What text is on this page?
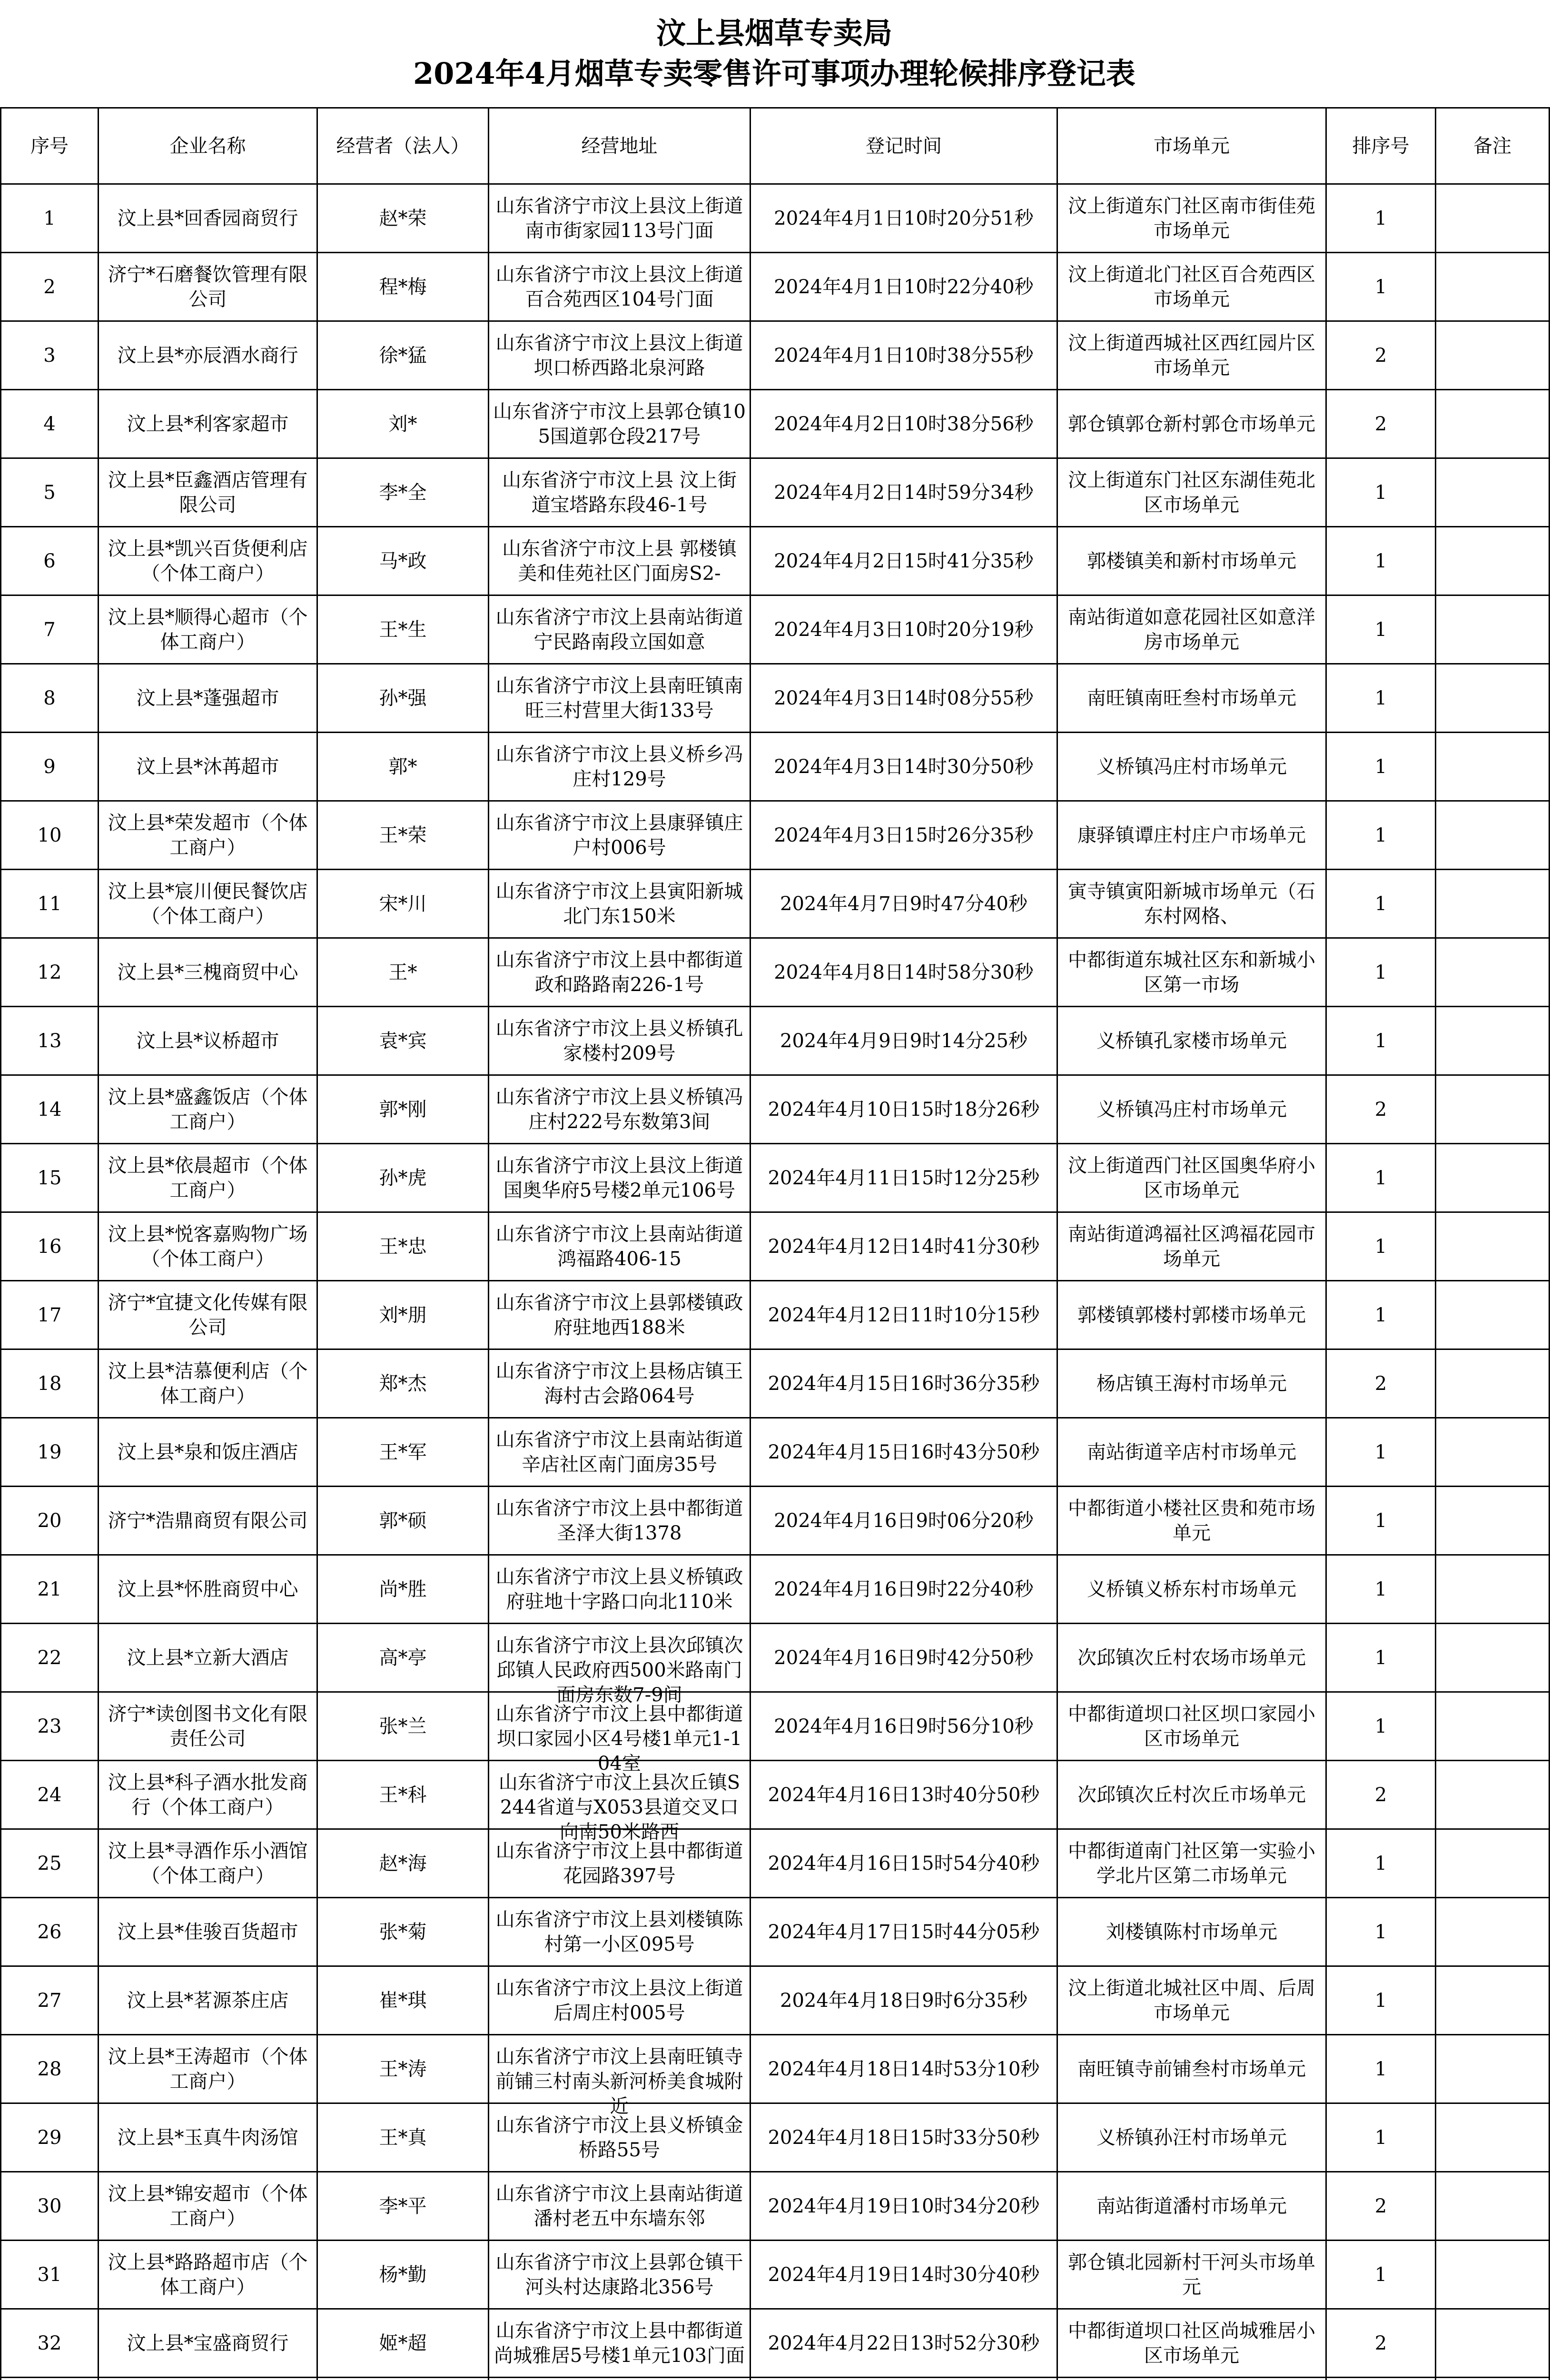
汶上县烟草专卖局
2024年4月烟草专卖零售许可事项办理轮候排序登记表
序号	企业名称	经营者（法人）	经营地址	登记时间	市场单元	排序号	备注

1	汶上县*回香园商贸行	赵*荣	山东省济宁市汶上县汶上街道南市街家园113号门面	2024年4月1日10时20分51秒	汶上街道东门社区南市街佳苑市场单元	1	

2	济宁*石磨餐饮管理有限公司	程*梅	山东省济宁市汶上县汶上街道百合苑西区104号门面	2024年4月1日10时22分40秒	汶上街道北门社区百合苑西区市场单元	1	

3	汶上县*亦辰酒水商行	徐*猛	山东省济宁市汶上县汶上街道坝口桥西路北泉河路	2024年4月1日10时38分55秒	汶上街道西城社区西红园片区市场单元	2	

4	汶上县*利客家超市	刘*	山东省济宁市汶上县郭仓镇105国道郭仓段217号	2024年4月2日10时38分56秒	郭仓镇郭仓新村郭仓市场单元	2	

5	汶上县*臣鑫酒店管理有限公司	李*全	山东省济宁市汶上县 汶上街道宝塔路东段46-1号	2024年4月2日14时59分34秒	汶上街道东门社区东湖佳苑北区市场单元	1	

6	汶上县*凯兴百货便利店（个体工商户）	马*政	山东省济宁市汶上县 郭楼镇美和佳苑社区门面房S2-	2024年4月2日15时41分35秒	郭楼镇美和新村市场单元	1	

7	汶上县*顺得心超市（个体工商户）	王*生	山东省济宁市汶上县南站街道宁民路南段立国如意	2024年4月3日10时20分19秒	南站街道如意花园社区如意洋房市场单元	1	

8	汶上县*蓬强超市	孙*强	山东省济宁市汶上县南旺镇南旺三村营里大街133号	2024年4月3日14时08分55秒	南旺镇南旺叁村市场单元	1	

9	汶上县*沐苒超市	郭*	山东省济宁市汶上县义桥乡冯庄村129号	2024年4月3日14时30分50秒	义桥镇冯庄村市场单元	1	

10	汶上县*荣发超市（个体工商户）	王*荣	山东省济宁市汶上县康驿镇庄户村006号	2024年4月3日15时26分35秒	康驿镇谭庄村庄户市场单元	1	

11	汶上县*宸川便民餐饮店（个体工商户）	宋*川	山东省济宁市汶上县寅阳新城北门东150米	2024年4月7日9时47分40秒	寅寺镇寅阳新城市场单元（石东村网格、	1	

12	汶上县*三槐商贸中心	王*	山东省济宁市汶上县中都街道政和路路南226-1号	2024年4月8日14时58分30秒	中都街道东城社区东和新城小区第一市场	1	

13	汶上县*议桥超市	袁*宾	山东省济宁市汶上县义桥镇孔家楼村209号	2024年4月9日9时14分25秒	义桥镇孔家楼市场单元	1	

14	汶上县*盛鑫饭店（个体工商户）	郭*刚	山东省济宁市汶上县义桥镇冯庄村222号东数第3间	2024年4月10日15时18分26秒	义桥镇冯庄村市场单元	2	

15	汶上县*依晨超市（个体工商户）	孙*虎	山东省济宁市汶上县汶上街道国奥华府5号楼2单元106号	2024年4月11日15时12分25秒	汶上街道西门社区国奥华府小区市场单元	1	

16	汶上县*悦客嘉购物广场（个体工商户）	王*忠	山东省济宁市汶上县南站街道鸿福路406-15	2024年4月12日14时41分30秒	南站街道鸿福社区鸿福花园市场单元	1	

17	济宁*宜捷文化传媒有限公司	刘*朋	山东省济宁市汶上县郭楼镇政府驻地西188米	2024年4月12日11时10分15秒	郭楼镇郭楼村郭楼市场单元	1	

18	汶上县*洁慕便利店（个体工商户）	郑*杰	山东省济宁市汶上县杨店镇王海村古会路064号	2024年4月15日16时36分35秒	杨店镇王海村市场单元	2	

19	汶上县*泉和饭庄酒店	王*军	山东省济宁市汶上县南站街道辛店社区南门面房35号	2024年4月15日16时43分50秒	南站街道辛店村市场单元	1	

20	济宁*浩鼎商贸有限公司	郭*硕	山东省济宁市汶上县中都街道圣泽大街1378	2024年4月16日9时06分20秒	中都街道小楼社区贵和苑市场单元	1	

21	汶上县*怀胜商贸中心	尚*胜	山东省济宁市汶上县义桥镇政府驻地十字路口向北110米	2024年4月16日9时22分40秒	义桥镇义桥东村市场单元	1	

22	汶上县*立新大酒店	高*亭	山东省济宁市汶上县次邱镇次邱镇人民政府西500米路南门面房东数7-9间	2024年4月16日9时42分50秒	次邱镇次丘村农场市场单元	1	

23	济宁*读创图书文化有限责任公司	张*兰	山东省济宁市汶上县中都街道坝口家园小区4号楼1单元1-104室	2024年4月16日9时56分10秒	中都街道坝口社区坝口家园小区市场单元	1	

24	汶上县*科子酒水批发商行（个体工商户）	王*科	山东省济宁市汶上县次丘镇S244省道与X053县道交叉口向南50米路西	2024年4月16日13时40分50秒	次邱镇次丘村次丘市场单元	2	

25	汶上县*寻酒作乐小酒馆（个体工商户）	赵*海	山东省济宁市汶上县中都街道花园路397号	2024年4月16日15时54分40秒	中都街道南门社区第一实验小学北片区第二市场单元	1	

26	汶上县*佳骏百货超市	张*菊	山东省济宁市汶上县刘楼镇陈村第一小区095号	2024年4月17日15时44分05秒	刘楼镇陈村市场单元	1	

27	汶上县*茗源茶庄店	崔*琪	山东省济宁市汶上县汶上街道后周庄村005号	2024年4月18日9时6分35秒	汶上街道北城社区中周、后周市场单元	1	

28	汶上县*王涛超市（个体工商户）	王*涛	山东省济宁市汶上县南旺镇寺前铺三村南头新河桥美食城附近	2024年4月18日14时53分10秒	南旺镇寺前铺叁村市场单元	1	

29	汶上县*玉真牛肉汤馆	王*真	山东省济宁市汶上县义桥镇金桥路55号	2024年4月18日15时33分50秒	义桥镇孙汪村市场单元	1	

30	汶上县*锦安超市（个体工商户）	李*平	山东省济宁市汶上县南站街道潘村老五中东墙东邻	2024年4月19日10时34分20秒	南站街道潘村市场单元	2	

31	汶上县*路路超市店（个体工商户）	杨*勤	山东省济宁市汶上县郭仓镇干河头村达康路北356号	2024年4月19日14时30分40秒	郭仓镇北园新村干河头市场单元	1	

32	汶上县*宝盛商贸行	姬*超	山东省济宁市汶上县中都街道尚城雅居5号楼1单元103门面	2024年4月22日13时52分30秒	中都街道坝口社区尚城雅居小区市场单元	2	
